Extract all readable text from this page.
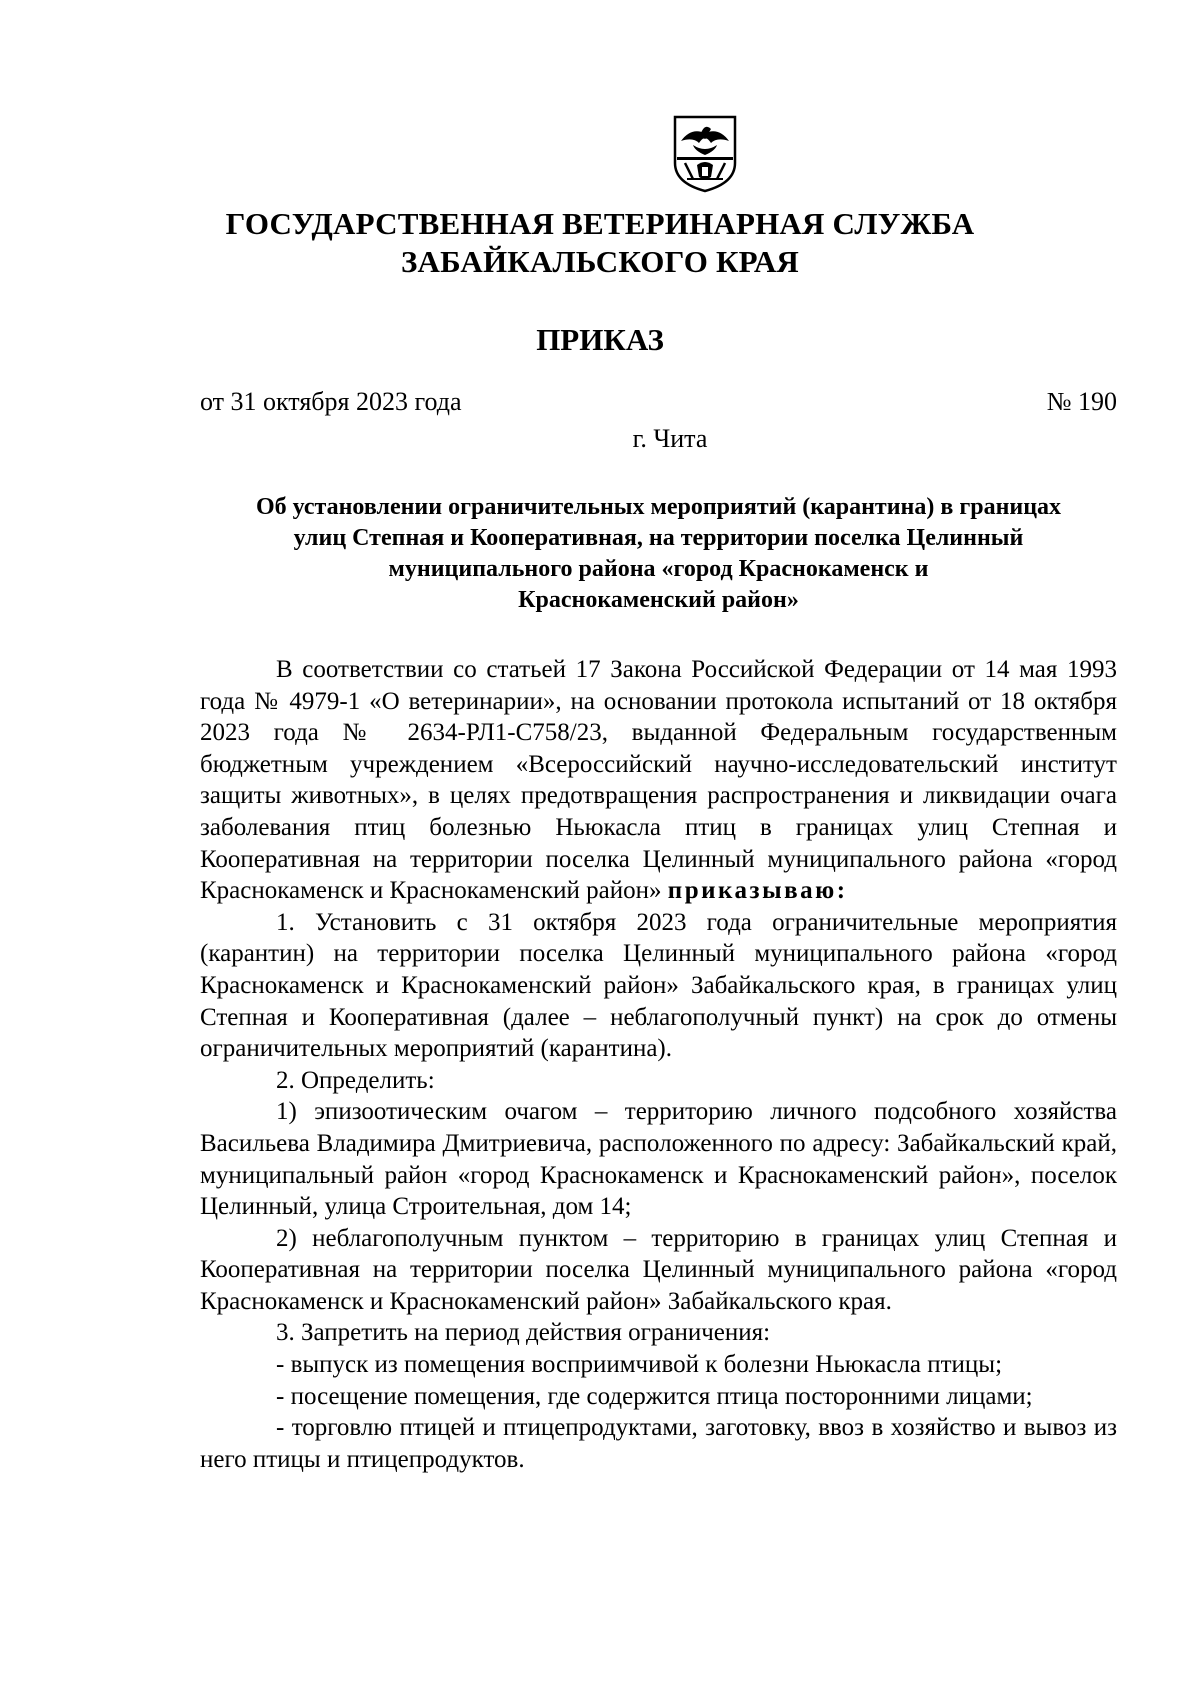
ГОСУДАРСТВЕННАЯ ВЕТЕРИНАРНАЯ СЛУЖБА
ЗАБАЙКАЛЬСКОГО КРАЯ
ПРИКАЗ
от 31 октября 2023 года	№ 190
г. Чита
Об установлении ограничительных мероприятий (карантина) в границах
улиц Степная и Кооперативная, на территории поселка Целинный
муниципального района «город Краснокаменск и
Краснокаменский район»

В соответствии со статьей 17 Закона Российской Федерации от 14 мая 1993 года № 4979-1 «О ветеринарии», на основании протокола испытаний от 18 октября 2023 года № 2634-РЛ1-С758/23, выданной Федеральным государственным бюджетным учреждением «Всероссийский научно-исследовательский институт защиты животных», в целях предотвращения распространения и ликвидации очага заболевания птиц болезнью Ньюкасла птиц в границах улиц Степная и Кооперативная на территории поселка Целинный муниципального района «город Краснокаменск и Краснокаменский район» приказываю:

1. Установить с 31 октября 2023 года ограничительные мероприятия (карантин) на территории поселка Целинный муниципального района «город Краснокаменск и Краснокаменский район» Забайкальского края, в границах улиц Степная и Кооперативная (далее – неблагополучный пункт) на срок до отмены ограничительных мероприятий (карантина).

2. Определить:

1) эпизоотическим очагом – территорию личного подсобного хозяйства Васильева Владимира Дмитриевича, расположенного по адресу: Забайкальский край, муниципальный район «город Краснокаменск и Краснокаменский район», поселок Целинный, улица Строительная, дом 14;

2) неблагополучным пунктом – территорию в границах улиц Степная и Кооперативная на территории поселка Целинный муниципального района «город Краснокаменск и Краснокаменский район» Забайкальского края.

3. Запретить на период действия ограничения:

- выпуск из помещения восприимчивой к болезни Ньюкасла птицы;

- посещение помещения, где содержится птица посторонними лицами;

- торговлю птицей и птицепродуктами, заготовку, ввоз в хозяйство и вывоз из него птицы и птицепродуктов.
